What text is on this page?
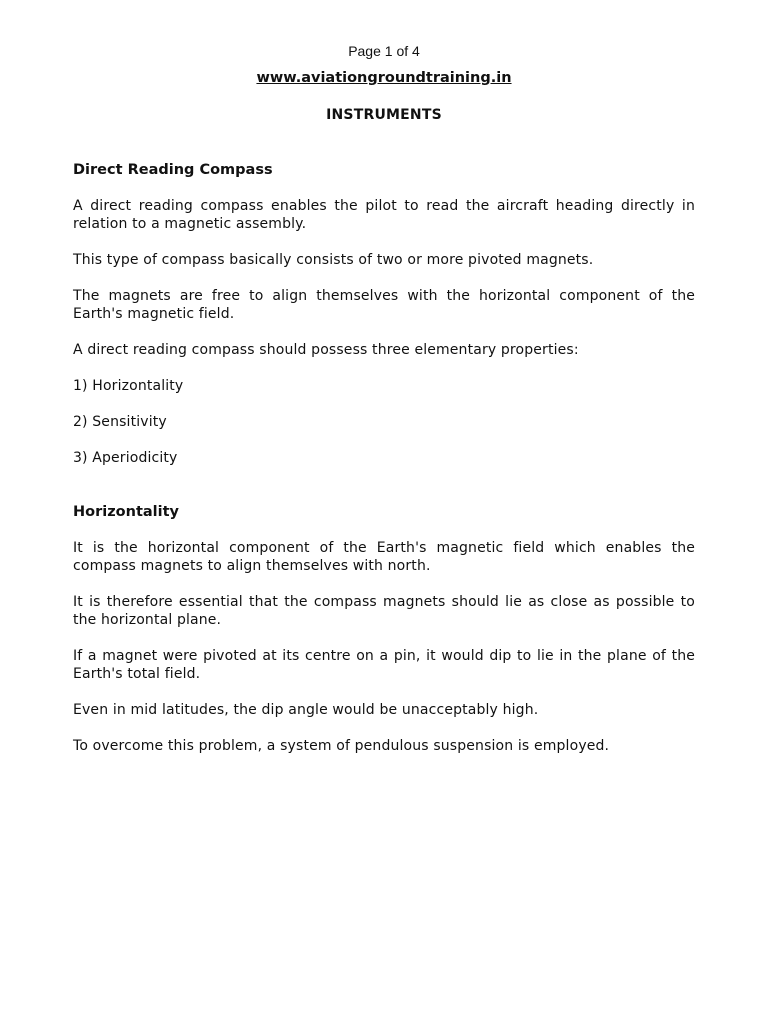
Page 1 of 4
www.aviationgroundtraining.in
INSTRUMENTS
Direct Reading Compass

A direct reading compass enables the pilot to read the aircraft heading directly in relation to a magnetic assembly.

This type of compass basically consists of two or more pivoted magnets.

The magnets are free to align themselves with the horizontal component of the Earth's magnetic field.

A direct reading compass should possess three elementary properties:

1) Horizontality

2) Sensitivity

3) Aperiodicity

Horizontality

It is the horizontal component of the Earth's magnetic field which enables the compass magnets to align themselves with north.

It is therefore essential that the compass magnets should lie as close as possible to the horizontal plane.

If a magnet were pivoted at its centre on a pin, it would dip to lie in the plane of the Earth's total field.

Even in mid latitudes, the dip angle would be unacceptably high.

To overcome this problem, a system of pendulous suspension is employed.
